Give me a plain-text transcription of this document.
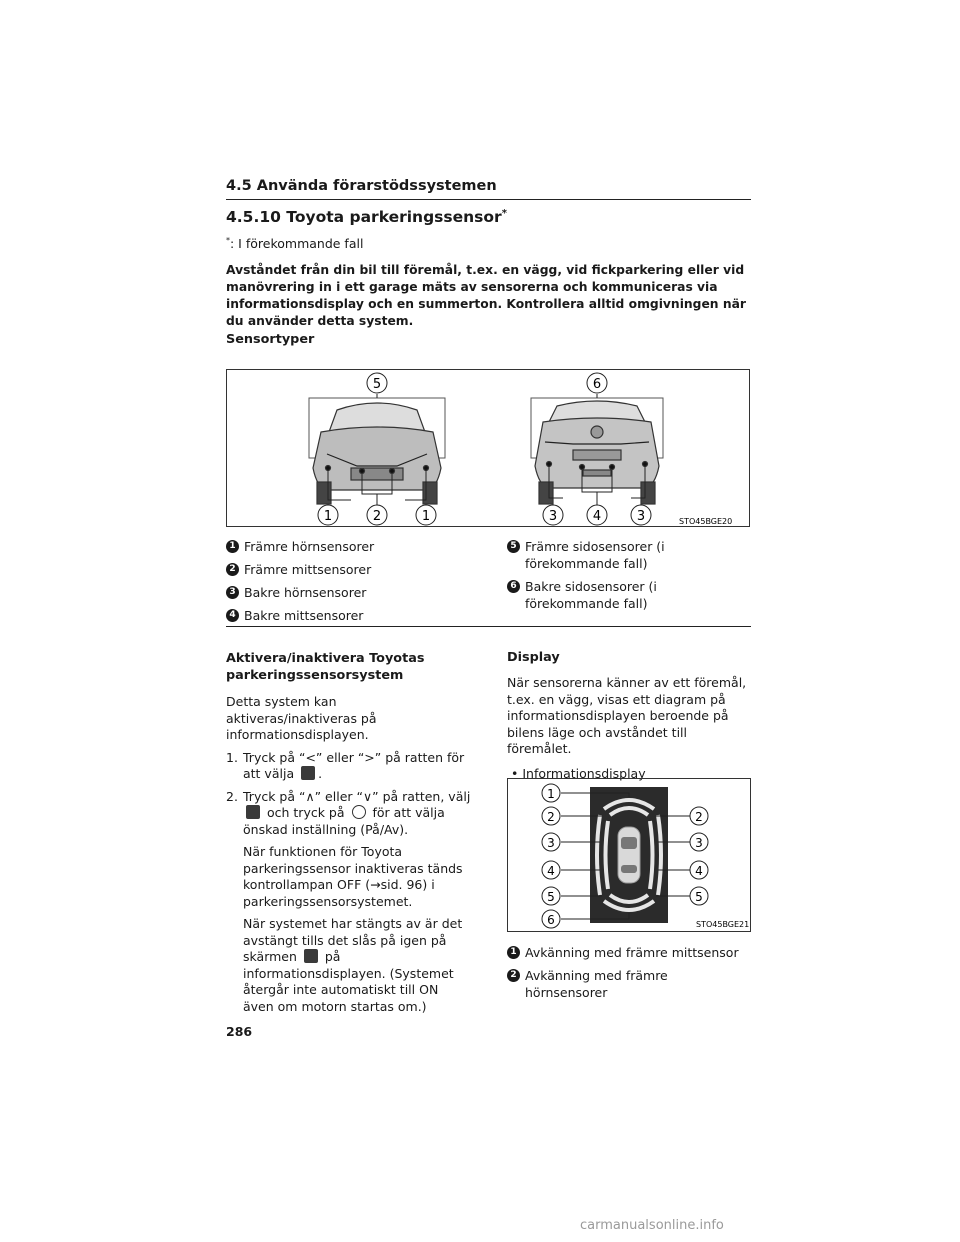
4.5 Använda förarstödssystemen
4.5.10 Toyota parkeringssensor*
*: I förekommande fall
Avståndet från din bil till föremål, t.ex. en vägg, vid fickparkering eller vid manövrering in i ett garage mäts av sensorerna och kommuniceras via informationsdisplay och en summerton. Kontrollera alltid omgivningen när du använder detta system.
Sensortyper
5	6
1	2	1	3	4	3	STO45BGE20
1 Främre hörnsensorer
2 Främre mittsensorer
3 Bakre hörnsensorer
4 Bakre mittsensorer
5 Främre sidosensorer (i förekommande fall)
6 Bakre sidosensorer (i förekommande fall)
Aktivera/inaktivera Toyotas parkeringssensorsystem
Detta system kan aktiveras/inaktiveras på informationsdisplayen.
1. Tryck på “<” eller “>” på ratten för att välja .
2. Tryck på “∧” eller “∨” på ratten, välj  och tryck på för att välja önskad inställning (På/Av).
När funktionen för Toyota parkeringssensor inaktiveras tänds kontrollampan OFF (→sid. 96) i parkeringssensorsystemet.
När systemet har stängts av är det avstängt tills det slås på igen på skärmen på informationsdisplayen. (Systemet återgår inte automatiskt till ON även om motorn startas om.)
Display
När sensorerna känner av ett föremål, t.ex. en vägg, visas ett diagram på informationsdisplayen beroende på bilens läge och avståndet till föremålet.
• Informationsdisplay
1
2
3
4
5
6
2
3
4
5
STO45BGE21
1 Avkänning med främre mittsensor
2 Avkänning med främre hörnsensorer
286
carmanualsonline.info
